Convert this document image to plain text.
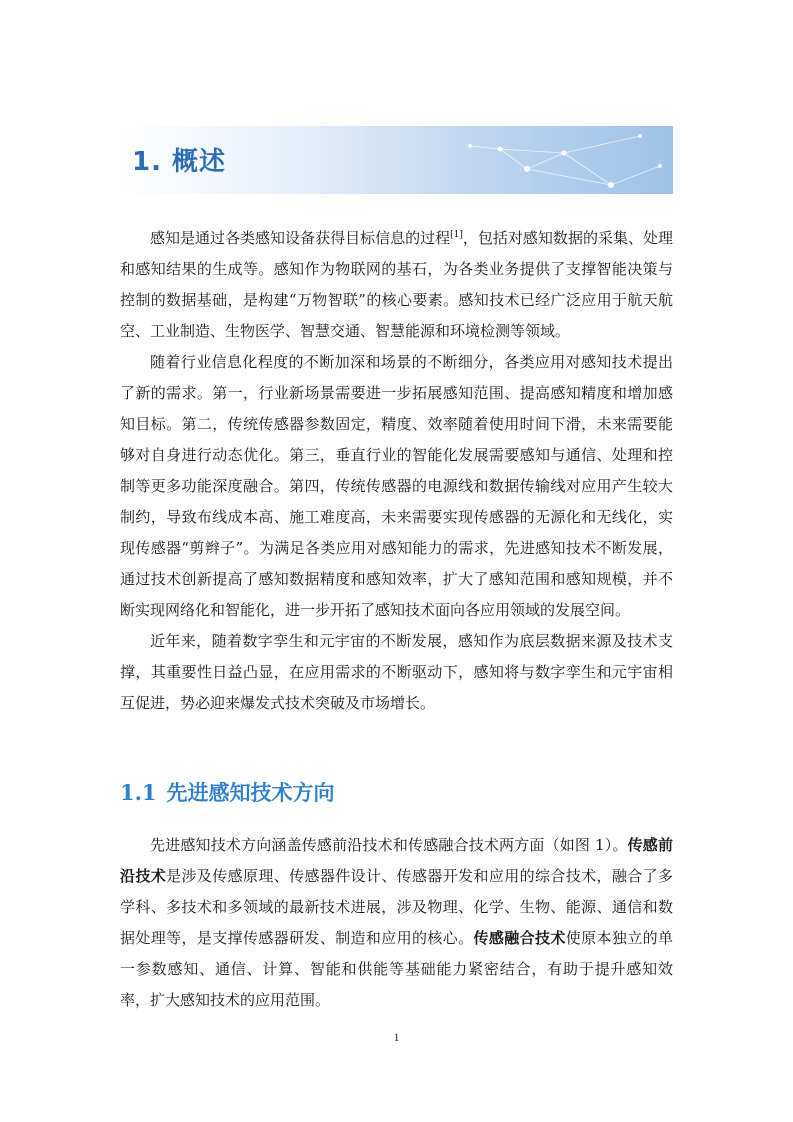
1. 概述

感知是通过各类感知设备获得目标信息的过程[1]，包括对感知数据的采集、处理和感知结果的生成等。感知作为物联网的基石，为各类业务提供了支撑智能决策与控制的数据基础，是构建“万物智联”的核心要素。感知技术已经广泛应用于航天航空、工业制造、生物医学、智慧交通、智慧能源和环境检测等领域。

随着行业信息化程度的不断加深和场景的不断细分，各类应用对感知技术提出了新的需求。第一，行业新场景需要进一步拓展感知范围、提高感知精度和增加感知目标。第二，传统传感器参数固定，精度、效率随着使用时间下滑，未来需要能够对自身进行动态优化。第三，垂直行业的智能化发展需要感知与通信、处理和控制等更多功能深度融合。第四，传统传感器的电源线和数据传输线对应用产生较大制约，导致布线成本高、施工难度高，未来需要实现传感器的无源化和无线化，实现传感器“剪辫子”。为满足各类应用对感知能力的需求，先进感知技术不断发展，通过技术创新提高了感知数据精度和感知效率，扩大了感知范围和感知规模，并不断实现网络化和智能化，进一步开拓了感知技术面向各应用领域的发展空间。

近年来，随着数字孪生和元宇宙的不断发展，感知作为底层数据来源及技术支撑，其重要性日益凸显，在应用需求的不断驱动下，感知将与数字孪生和元宇宙相互促进，势必迎来爆发式技术突破及市场增长。

1.1 先进感知技术方向

先进感知技术方向涵盖传感前沿技术和传感融合技术两方面（如图 1）。传感前沿技术是涉及传感原理、传感器件设计、传感器开发和应用的综合技术，融合了多学科、多技术和多领域的最新技术进展，涉及物理、化学、生物、能源、通信和数据处理等，是支撑传感器研发、制造和应用的核心。传感融合技术使原本独立的单一参数感知、通信、计算、智能和供能等基础能力紧密结合，有助于提升感知效率，扩大感知技术的应用范围。

1
